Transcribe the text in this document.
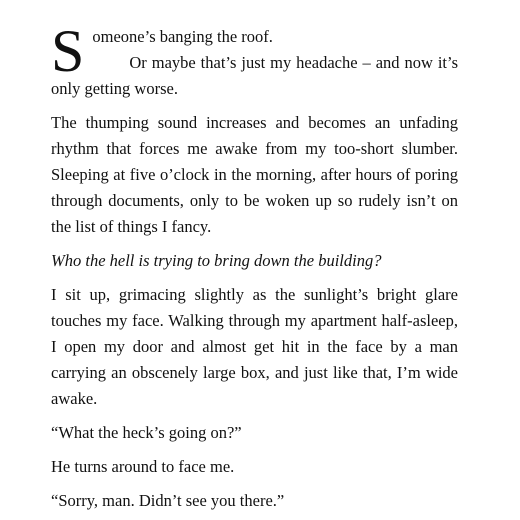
Someone’s banging the roof.

Or maybe that’s just my headache – and now it’s only getting worse.

The thumping sound increases and becomes an unfading rhythm that forces me awake from my too-short slumber. Sleeping at five o’clock in the morning, after hours of poring through documents, only to be woken up so rudely isn’t on the list of things I fancy.

Who the hell is trying to bring down the building?

I sit up, grimacing slightly as the sunlight’s bright glare touches my face. Walking through my apartment half-asleep, I open my door and almost get hit in the face by a man carrying an obscenely large box, and just like that, I’m wide awake.

“What the heck’s going on?”

He turns around to face me.

“Sorry, man. Didn’t see you there.”
